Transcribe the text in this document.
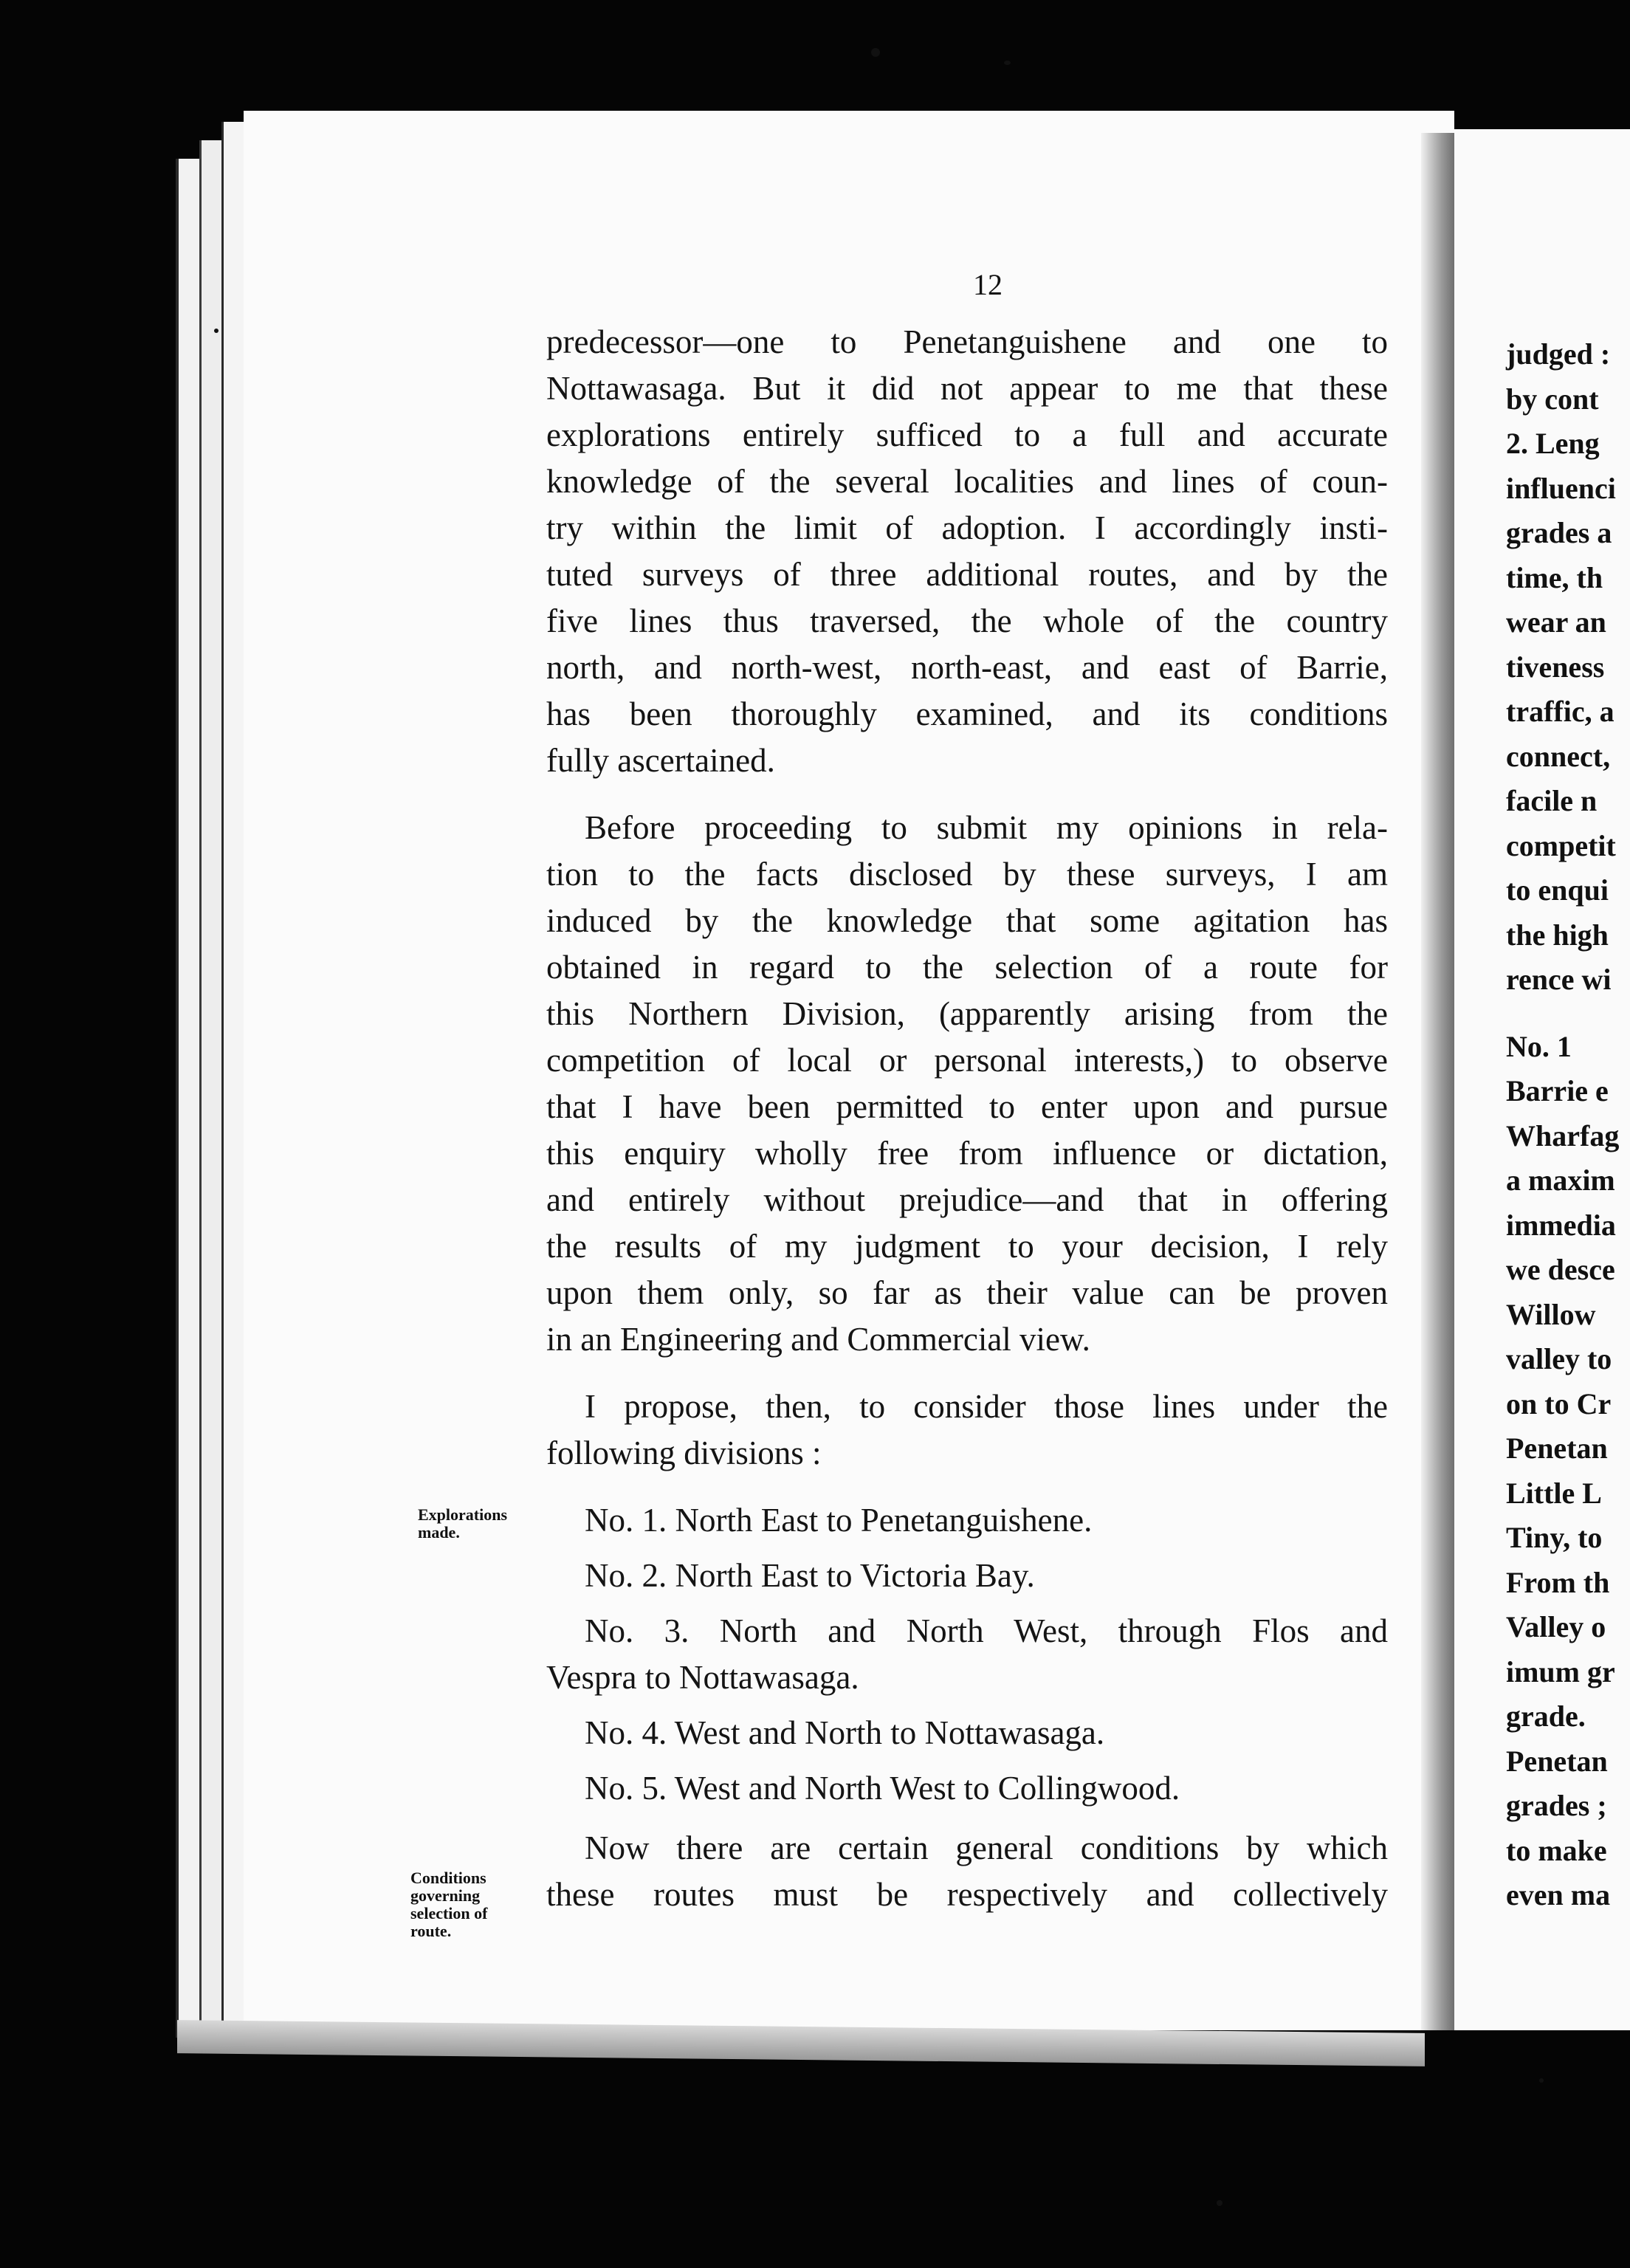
12

predecessor—one to Penetanguishene and one to

Nottawasaga. But it did not appear to me that these

explorations entirely sufficed to a full and accurate

knowledge of the several localities and lines of coun-

try within the limit of adoption. I accordingly insti-

tuted surveys of three additional routes, and by the

five lines thus traversed, the whole of the country

north, and north-west, north-east, and east of Barrie,

has been thoroughly examined, and its conditions

fully ascertained.

Before proceeding to submit my opinions in rela-

tion to the facts disclosed by these surveys, I am

induced by the knowledge that some agitation has

obtained in regard to the selection of a route for

this Northern Division, (apparently arising from the

competition of local or personal interests,) to observe

that I have been permitted to enter upon and pursue

this enquiry wholly free from influence or dictation,

and entirely without prejudice—and that in offering

the results of my judgment to your decision, I rely

upon them only, so far as their value can be proven

in an Engineering and Commercial view.

I propose, then, to consider those lines under the

following divisions :

No. 1. North East to Penetanguishene.

No. 2. North East to Victoria Bay.

No. 3. North and North West, through Flos and

Vespra to Nottawasaga.

No. 4. West and North to Nottawasaga.

No. 5. West and North West to Collingwood.

Now there are certain general conditions by which

these routes must be respectively and collectively

Explorations
made.
Conditions
governing
selection of
route.
judged :
by cont
2. Leng
influenci
grades a
time, th
wear an
tiveness
traffic, a
connect,
facile n
competit
to enqui
the high
rence wi
No. 1
Barrie e
Wharfag
a maxim
immedia
we desce
Willow
valley to
on to Cr
Penetan
Little L
Tiny, to
From th
Valley o
imum gr
grade.
Penetan
grades ;
to make
even ma
